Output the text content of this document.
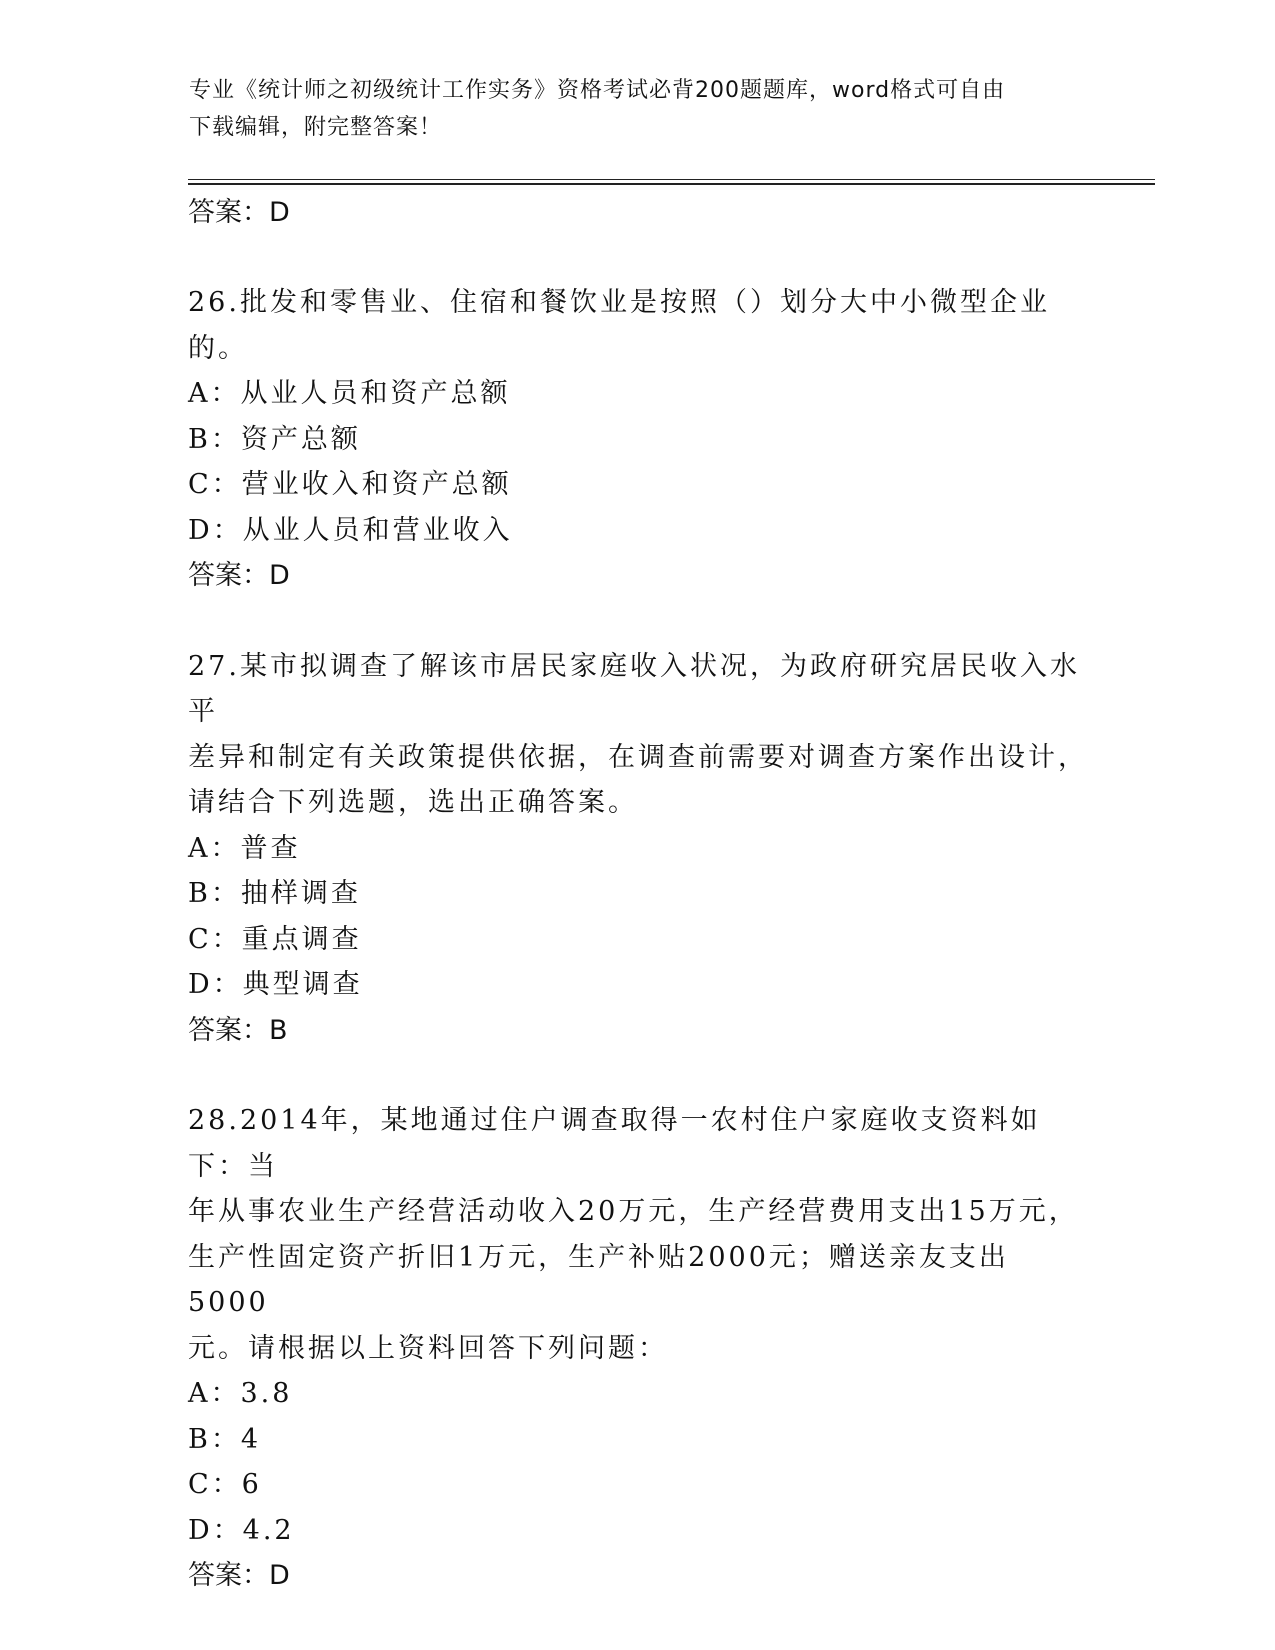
专业《统计师之初级统计工作实务》资格考试必背200题题库，word格式可自由
下载编辑，附完整答案！
答案：D

26.批发和零售业、住宿和餐饮业是按照（）划分大中小微型企业的。

A：从业人员和资产总额

B：资产总额

C：营业收入和资产总额

D：从业人员和营业收入

答案：D

27.某市拟调查了解该市居民家庭收入状况，为政府研究居民收入水平

差异和制定有关政策提供依据，在调查前需要对调查方案作出设计，

请结合下列选题，选出正确答案。

A：普查

B：抽样调查

C：重点调查

D：典型调查

答案：B

28.2014年，某地通过住户调查取得一农村住户家庭收支资料如下：当

年从事农业生产经营活动收入20万元，生产经营费用支出15万元，

生产性固定资产折旧1万元，生产补贴2000元；赠送亲友支出5000

元。请根据以上资料回答下列问题：

A：3.8

B：4

C：6

D：4.2

答案：D
